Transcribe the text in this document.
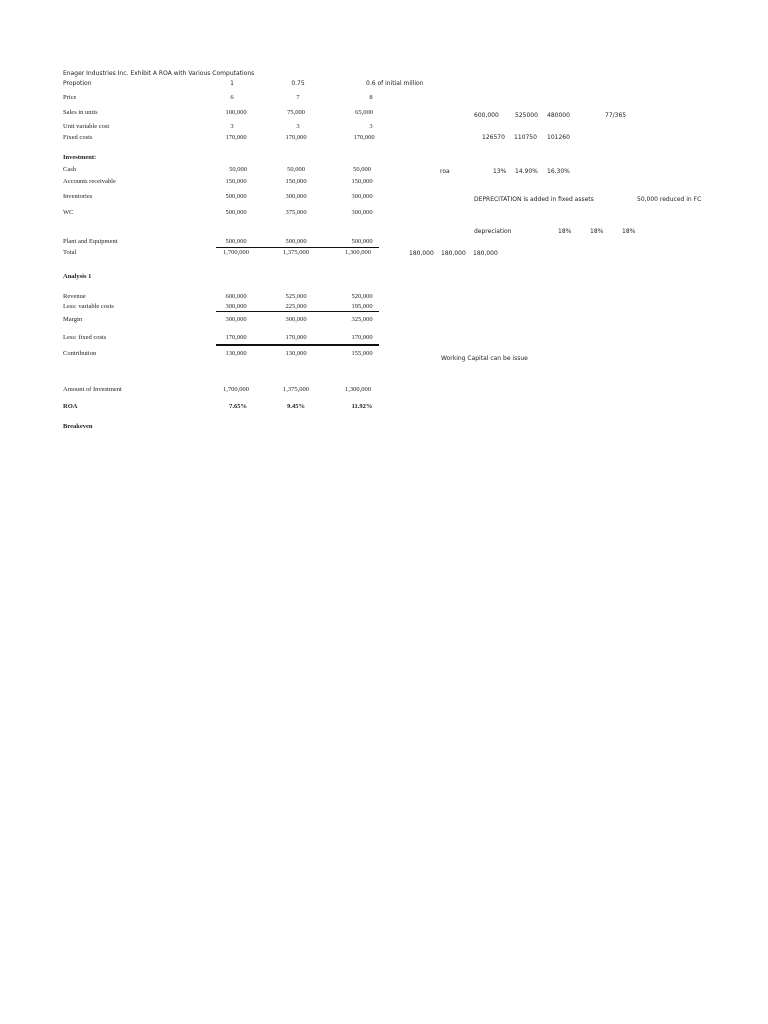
Enager Industries Inc. Exhibit A ROA with Various Computations
Propotion	1	0.75	0.6 of initial million
Price	6	7	8
Sales in units	100,000	75,000	65,000	600,000	525000 480000	77/365
Unit variable cost	3	3	3
Fixed costs	170,000	170,000	170,000	126570 110750 101260
Investment:
Cash	50,000	50,000	50,000	roa	13% 14.90% 16.30%
Accounts receivable	150,000	150,000	150,000
Inventories	500,000	300,000	300,000	DEPRECITATION is added in fixed assets	50,000 reduced in FC
WC	500,000	375,000	300,000
depreciation	18%	18%	18%
Plant and Equipment	500,000	500,000	500,000
Total	1,700,000	1,375,000	1,300,000	180,000 180,000 180,000
Analysis 1
Revenue	600,000	525,000	520,000
Less: variable costs	300,000	225,000	195,000
Margin	300,000	300,000	325,000
Less: fixed costs	170,000	170,000	170,000
Contribution	130,000	130,000	155,000
Working Capital can be issue
Amount of Investment	1,700,000	1,375,000	1,300,000
ROA	7.65%	9.45%	11.92%
Breakeven
